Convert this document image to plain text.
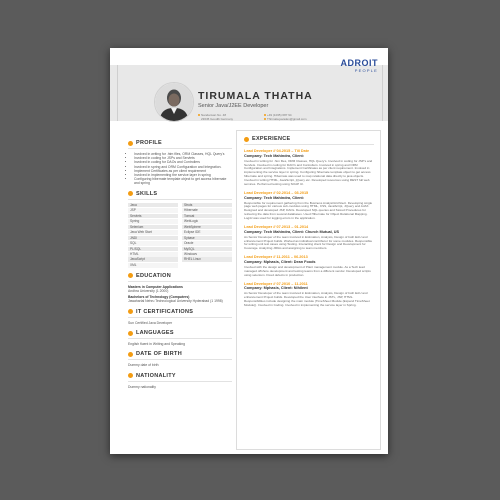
ADROIT
PEOPLE
TIRUMALA THATHA
Senior Java/J2EE Developer
Nandanvan No. 48
23645 Goodib Germany
+49 (1035) 687 94
Thirmala.javadev@gmail.com
PROFILE
• Involved in writing for .htm files, ORM Classes, HQL Query's
• Involved in coding for JSPs and Servlets
• Involved in coding for DAOs and Controllers
• Involved in spring and ORM Configuration and Integration.
• Implement Certificates as per client requirement
• Involved in implementing the service layer in spring
• Configuring hibernate template object to get access hibernate and spring
SKILLS
Java	Struts
JSP	Hibernate
Servlets	Tomcat
Spring	WebLogic
Selenium	WebSphere
Java Web Start	Eclipse IDE
JNDI	Sybase
SQL	Oracle
PL/SQL	MySQL
HTML	Windows
JavaScript	RHEL Linux
XML
EDUCATION
Masters in Computer Applications
Andhra University (1 2000)
Bachelors of Technology (Computers)
Jawaharlal Nehru Technological University Hyderabad (1 1998)
IT CERTIFICATIONS
Sun Certified Java Developer
LANGUAGES
English fluent in Writing and Speaking
DATE OF BIRTH
Dummy date of birth
NATIONALITY
Dummy nationality
EXPERIENCE
Lead Developer // 04.2015 – Till Date
Company: Tech Mahindra, Client:
Involved in writing for .htm files, ORM Classes, HQL Query's. Involved in coding for JSP's and Servlets. Involved in coding for DAO's and Controllers. Involved in spring and ORM Configuration and Integrations. Implement Certificates as per client requirement. Involved in implementing the service layer in spring. Configuring hibernate template object to get access hibernate and spring. Hibernate was used to map relational data directly to java objects. Involved in writing HTML, JavaScript, jQuery etc. Developed resources using REST full web services. Performed testing using SOAP UI.
Lead Developer // 02.2014 – 03.2015
Company: Tech Mahindra, Client:
Responsible for requirement gathering from the Business Analyst/Architect. Developing single page web pages for various sub-modules using HTML, CSS, JavaScript, JQuery and AJAX. Designed and developed JSP, DAOs. Developed SQL queries and Stored Procedures for retrieving the data from several databases. Used Hibernate for Object Relational Mapping. Log4J was used for logging errors in the application.
Lead Developer // 07.2013 – 01.2014
Company: Tech Mahindra, Client: Church Mutual, US
As Senior Developer of the team involved in Estimation, Analysis, Design of both EAU and enhancement Project builds. Worked as individual contributor for some modules. Responsible for writing unit test cases using Testing. Interacting client for Design and Development for Coverage. Analyzing JIRAs and assigning to team members.
Lead Developer // 11.2011 – 06.2013
Company: Mphasis, Client: Dean Foods
Involved with the design and development of Plant management module. As a Tech lead managed offshore development and testing teams from a different vendor. Developed scripts using selenium. Fixed defects in production.
Lead Developer // 07.2010 – 11.2011
Company: Mphasis, Client: Nihilent
As Senior Developer of the team involved in Estimation, Analysis, Design of both EAU and enhancement Project builds. Developed the User interface in JSTL, JSP, HTML. Responsibilities include designing the main module (TimeSheet Module (Expend TimeSheet Module)). Involved in Coding. Involved in implementing the service layer in Spring.
